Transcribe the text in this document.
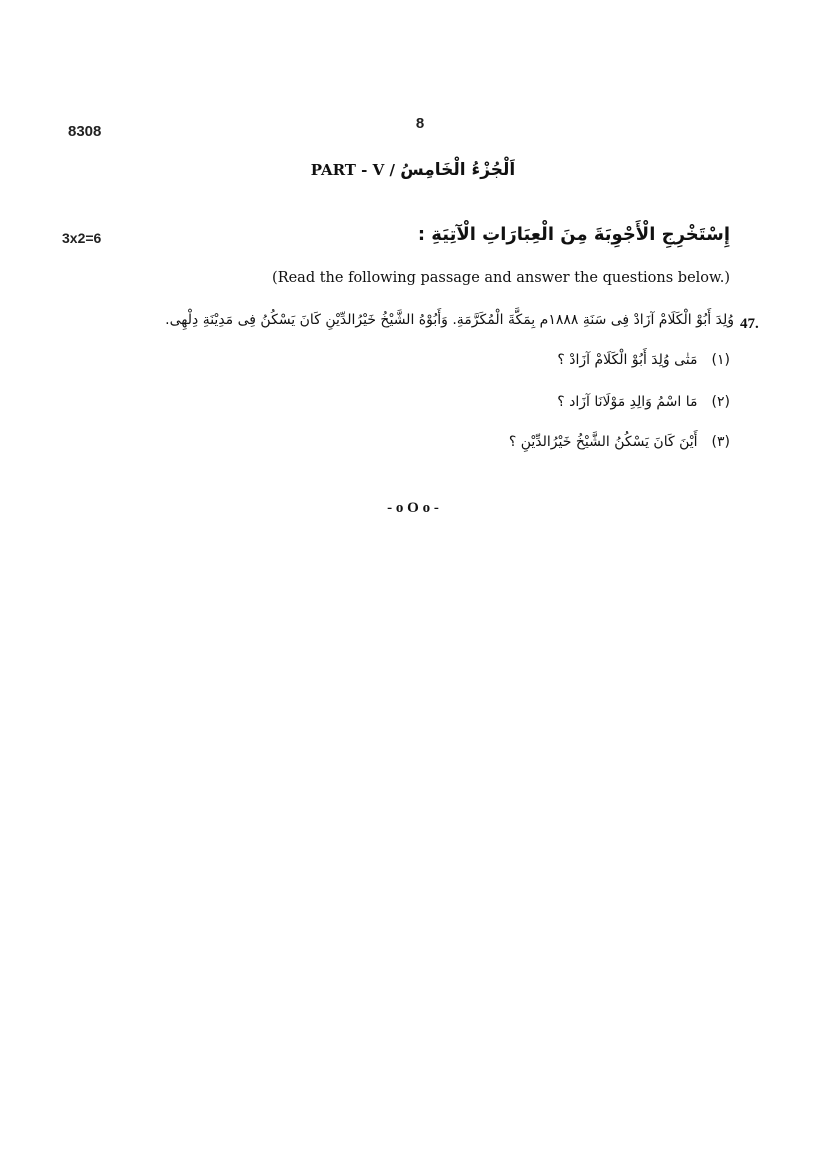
8308	8
PART - V / اَلْجُزْءُ الْخَامِسُ
3x2=6	إِسْتَخْرِجِ الْأَجْوِبَةَ مِنَ الْعِبَارَاتِ الْآتِيَةِ :
(Read the following passage and answer the questions below.)
47.
وُلِدَ أَبُوْ الْكَلَامْ آزَادْ فِى سَنَةِ ١٨٨٨م بِمَكَّةَ الْمُكَرَّمَةِ. وَأَبُوْهُ الشَّيْخُ خَيْرُالدِّيْنِ كَانَ يَسْكُنُ فِى مَدِيْنَةِ دِلْهِى.
(١)مَتٰى وُلِدَ أَبُوْ الْكَلَامْ آزَادْ ؟
(٢)مَا اسْمُ وَالِدِ مَوْلَانَا آزَاد ؟
(٣)أَيْنَ كَانَ يَسْكُنُ الشَّيْخُ خَيْرُالدِّيْنِ ؟
- o O o -
